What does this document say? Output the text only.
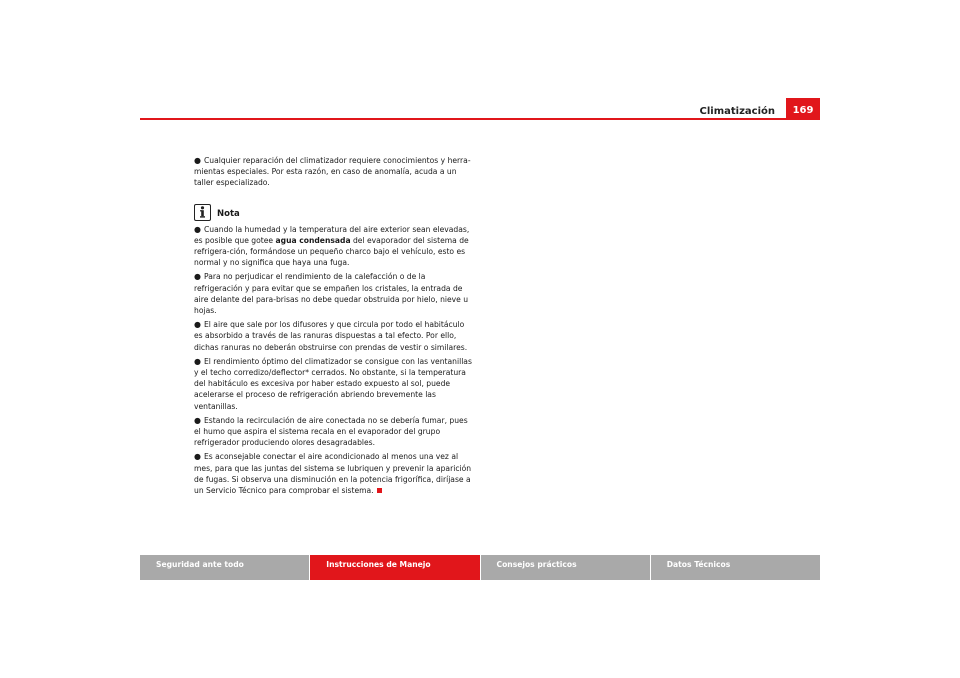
Climatización	169

● Cualquier reparación del climatizador requiere conocimientos y herra-mientas especiales. Por esta razón, en caso de anomalía, acuda a un taller especializado.

Nota

● Cuando la humedad y la temperatura del aire exterior sean elevadas, es posible que gotee agua condensada del evaporador del sistema de refrigera-ción, formándose un pequeño charco bajo el vehículo, esto es normal y no significa que haya una fuga.

● Para no perjudicar el rendimiento de la calefacción o de la refrigeración y para evitar que se empañen los cristales, la entrada de aire delante del para-brisas no debe quedar obstruida por hielo, nieve u hojas.

● El aire que sale por los difusores y que circula por todo el habitáculo es absorbido a través de las ranuras dispuestas a tal efecto. Por ello, dichas ranuras no deberán obstruirse con prendas de vestir o similares.

● El rendimiento óptimo del climatizador se consigue con las ventanillas y el techo corredizo/deflector* cerrados. No obstante, si la temperatura del habitáculo es excesiva por haber estado expuesto al sol, puede acelerarse el proceso de refrigeración abriendo brevemente las ventanillas.

● Estando la recirculación de aire conectada no se debería fumar, pues el humo que aspira el sistema recala en el evaporador del grupo refrigerador produciendo olores desagradables.

● Es aconsejable conectar el aire acondicionado al menos una vez al mes, para que las juntas del sistema se lubriquen y prevenir la aparición de fugas. Si observa una disminución en la potencia frigorífica, diríjase a un Servicio Técnico para comprobar el sistema.

Seguridad ante todo	Instrucciones de Manejo	Consejos prácticos	Datos Técnicos
